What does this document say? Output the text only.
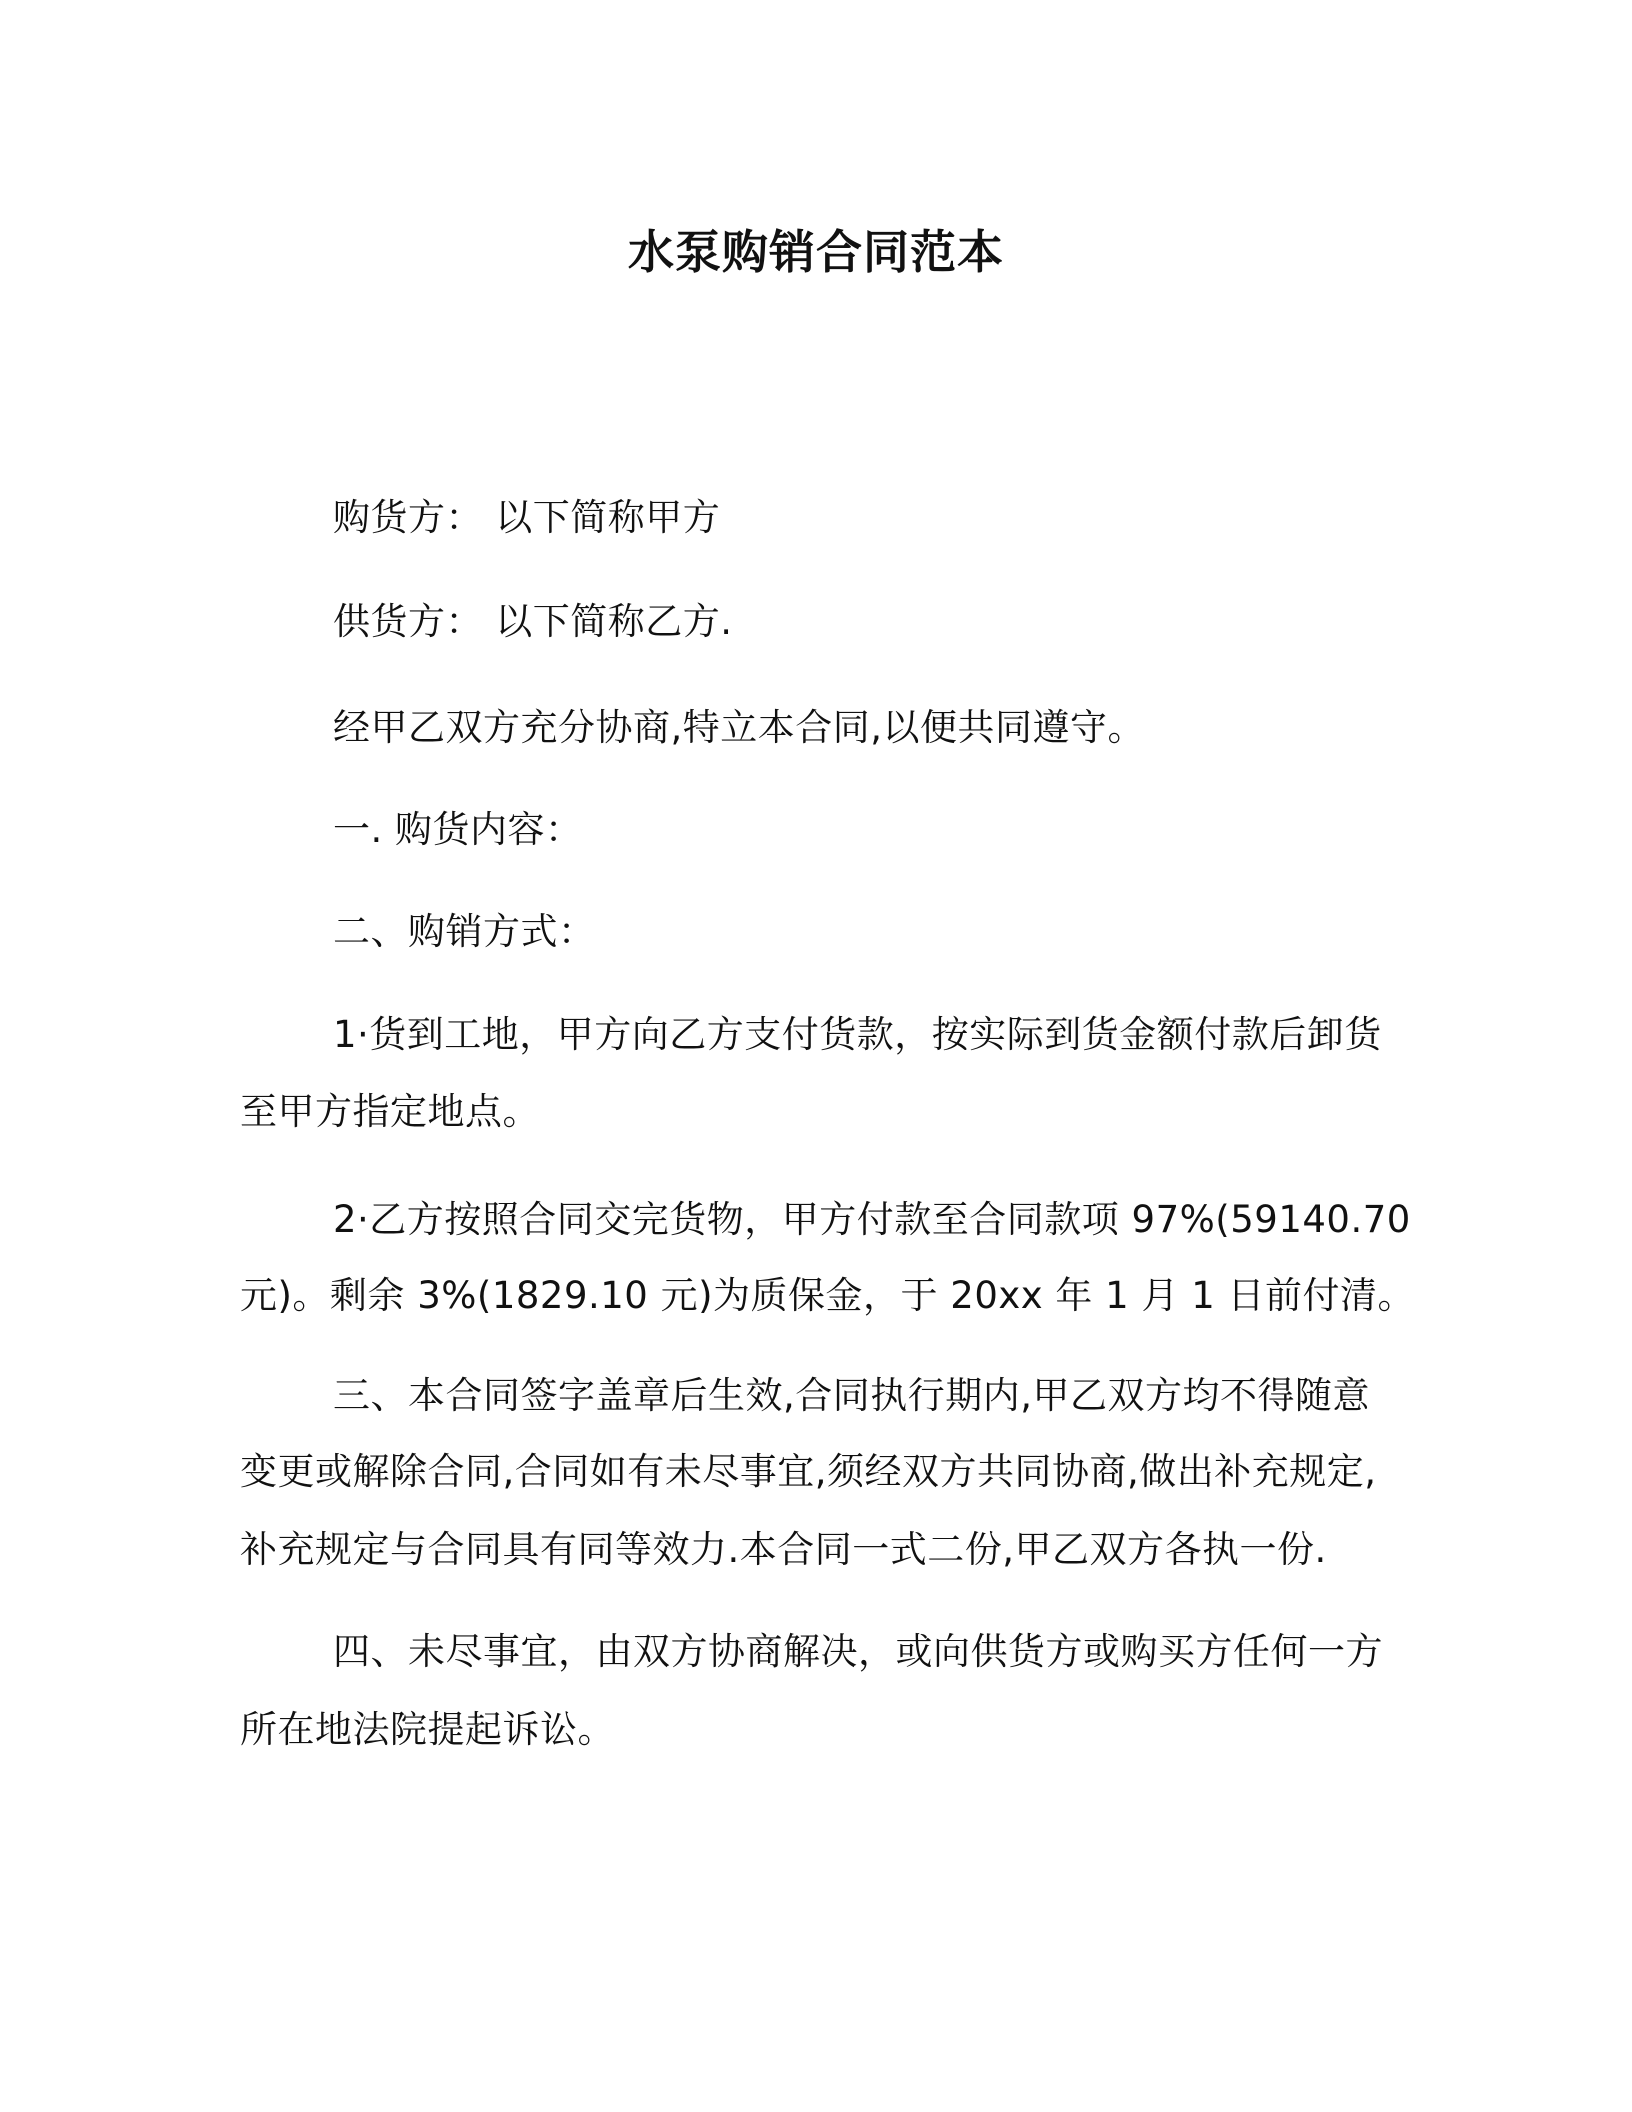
水泵购销合同范本
购货方： 以下简称甲方
供货方： 以下简称乙方.
经甲乙双方充分协商,特立本合同,以便共同遵守。
一. 购货内容：
二、购销方式：
1·货到工地，甲方向乙方支付货款，按实际到货金额付款后卸货
至甲方指定地点。
2·乙方按照合同交完货物，甲方付款至合同款项 97%(59140.70
元)。剩余 3%(1829.10 元)为质保金，于 20xx 年 1 月 1 日前付清。
三、本合同签字盖章后生效,合同执行期内,甲乙双方均不得随意
变更或解除合同,合同如有未尽事宜,须经双方共同协商,做出补充规定,
补充规定与合同具有同等效力.本合同一式二份,甲乙双方各执一份.
四、未尽事宜，由双方协商解决，或向供货方或购买方任何一方
所在地法院提起诉讼。
